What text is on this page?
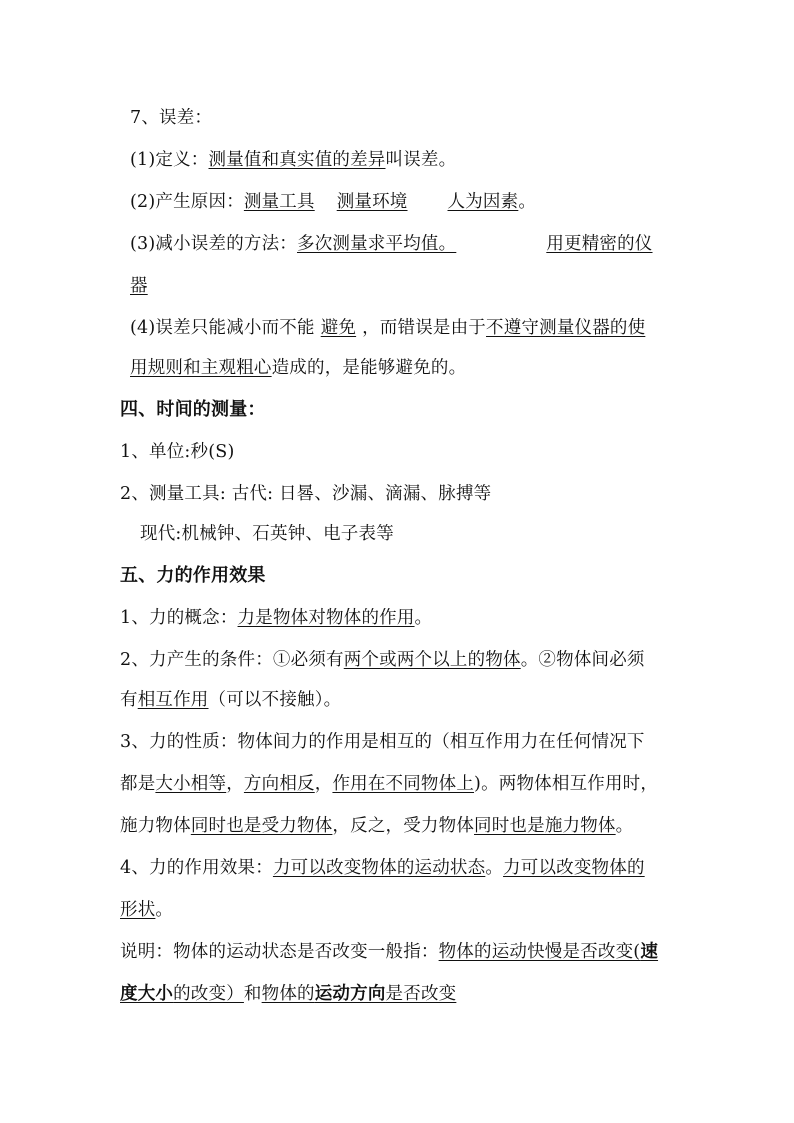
7、误差：
(1)定义：测量值和真实值的差异叫误差。
(2)产生原因：测量工具 测量环境 人为因素。
(3)减小误差的方法：多次测量求平均值。	用更精密的仪
器
(4)误差只能减小而不能 避免 ，而错误是由于不遵守测量仪器的使
用规则和主观粗心造成的，是能够避免的。
四、时间的测量：
1、单位:秒(S)
2、测量工具: 古代: 日晷、沙漏、滴漏、脉搏等
现代:机械钟、石英钟、电子表等
五、力的作用效果
1、力的概念：力是物体对物体的作用。
2、力产生的条件：①必须有两个或两个以上的物体。②物体间必须
有相互作用（可以不接触）。
3、力的性质：物体间力的作用是相互的（相互作用力在任何情况下
都是大小相等，方向相反，作用在不同物体上)。两物体相互作用时，
施力物体同时也是受力物体，反之，受力物体同时也是施力物体。
4、力的作用效果：力可以改变物体的运动状态。力可以改变物体的
形状。
说明：物体的运动状态是否改变一般指：物体的运动快慢是否改变(速
度大小的改变）和物体的运动方向是否改变
